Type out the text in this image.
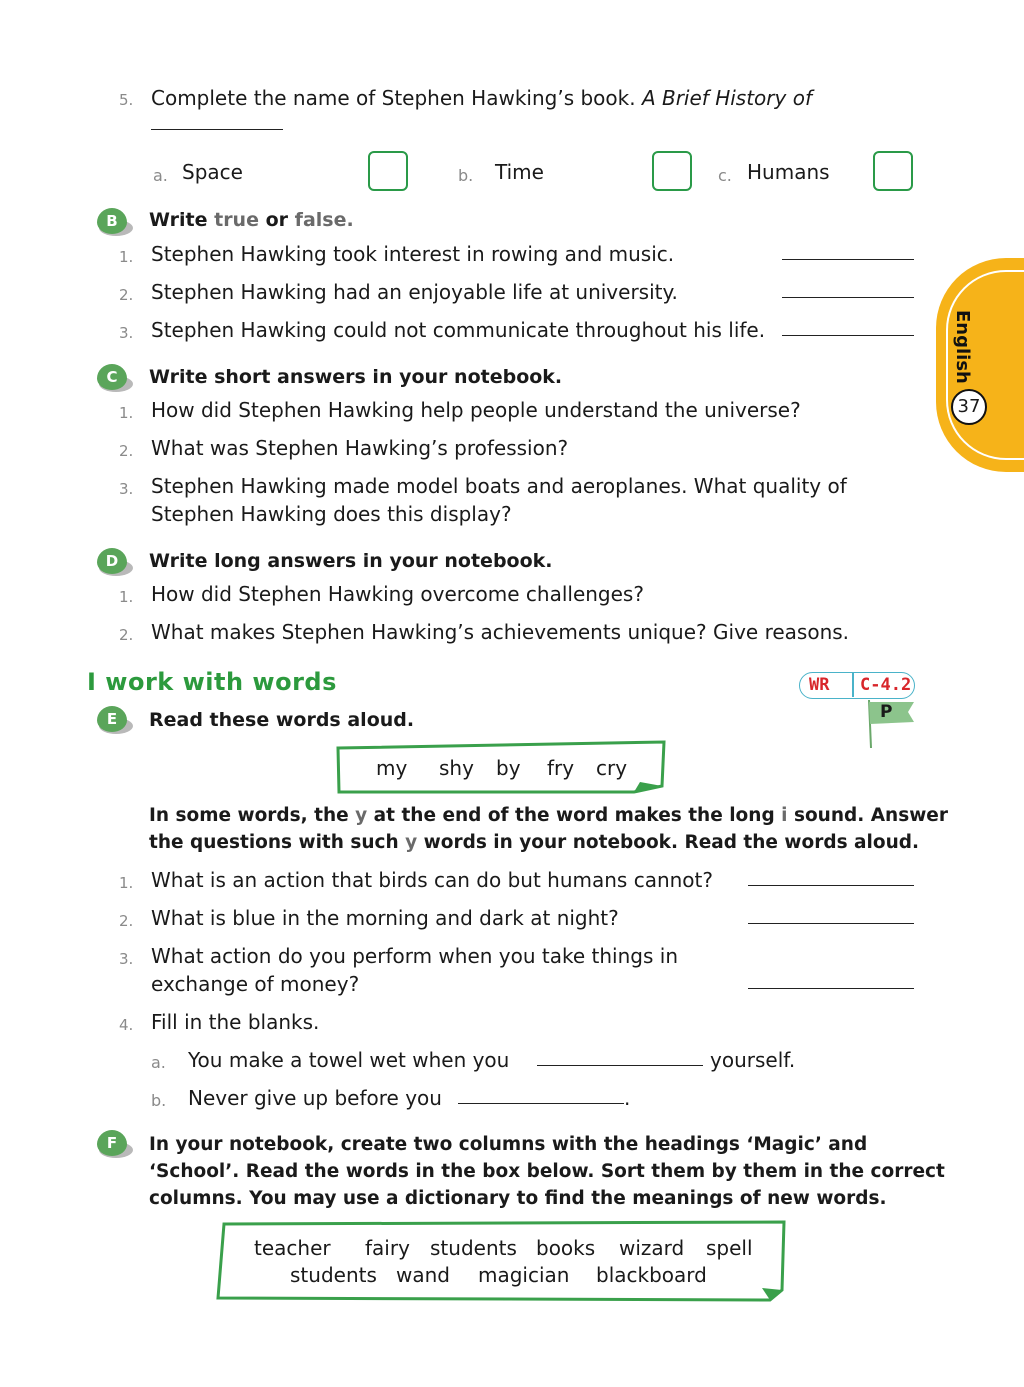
5. Complete the name of Stephen Hawking’s book. A Brief History of
a. Space	b. Time	c. Humans
B	Write true or false.
1. Stephen Hawking took interest in rowing and music.
2. Stephen Hawking had an enjoyable life at university.
3. Stephen Hawking could not communicate throughout his life.
C	Write short answers in your notebook.
1. How did Stephen Hawking help people understand the universe?
2. What was Stephen Hawking’s profession?
3. Stephen Hawking made model boats and aeroplanes. What quality of
Stephen Hawking does this display?
D	Write long answers in your notebook.
1. How did Stephen Hawking overcome challenges?
2. What makes Stephen Hawking’s achievements unique? Give reasons.
I work with words	WR C-4.2
P
E	Read these words aloud.
my shy by fry cry
In some words, the y at the end of the word makes the long i sound. Answer
the questions with such y words in your notebook. Read the words aloud.
1. What is an action that birds can do but humans cannot?
2. What is blue in the morning and dark at night?
3. What action do you perform when you take things in
exchange of money?
4. Fill in the blanks.
a. You make a towel wet when you	yourself.
b. Never give up before you	.
F	In your notebook, create two columns with the headings ‘Magic’ and
‘School’. Read the words in the box below. Sort them by them in the correct
columns. You may use a dictionary to find the meanings of new words.
teacher fairy students books wizard spell
students wand magician blackboard
English
37
